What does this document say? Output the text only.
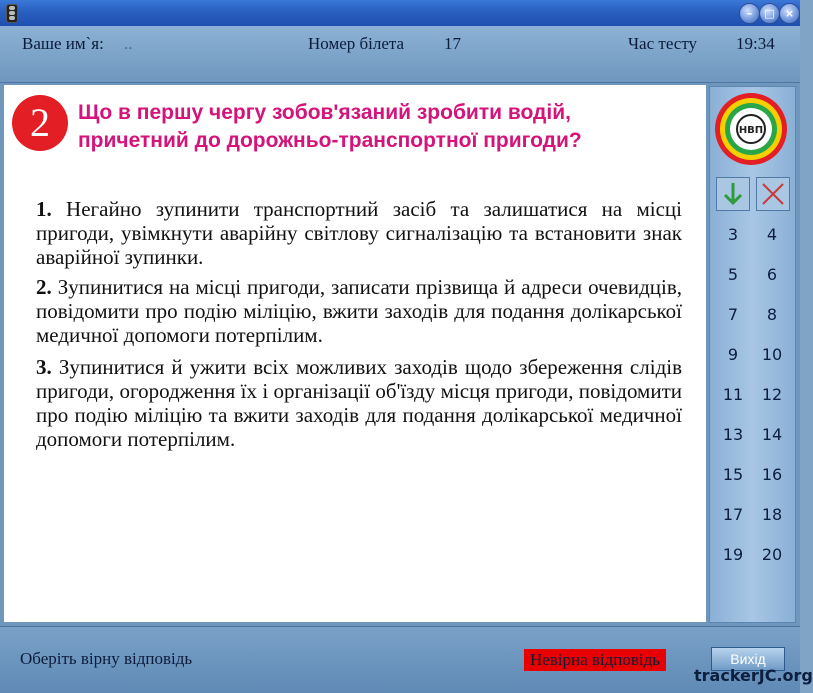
–	□ ×
Ваше им`я: ..	Номер білета 17	Час тесту 19:34
2	Що в першу чергу зобов'язаний зробити водій, причетний до дорожньо-транспортної пригоди?
1. Негайно зупинити транспортний засіб та залишатися на місці пригоди, увімкнути аварійну світлову сигналізацію та встановити знак аварійної зупинки.
2. Зупинитися на місці пригоди, записати прізвища й адреси очевидців, повідомити про подію міліцію, вжити заходів для подання долікарської медичної допомоги потерпілим.
3. Зупинитися й ужити всіх можливих заходів щодо збереження слідів пригоди, огородження їх і організації об'їзду місця пригоди, повідомити про подію міліцію та вжити заходів для подання долікарської медичної допомоги потерпілим.
НВП
3	4
5	6
7	8
9	10
11	12
13	14
15	16
17	18
19	20
Оберіть вірну відповідь	Невірна відповідь	Вихід
trackerJC.org
